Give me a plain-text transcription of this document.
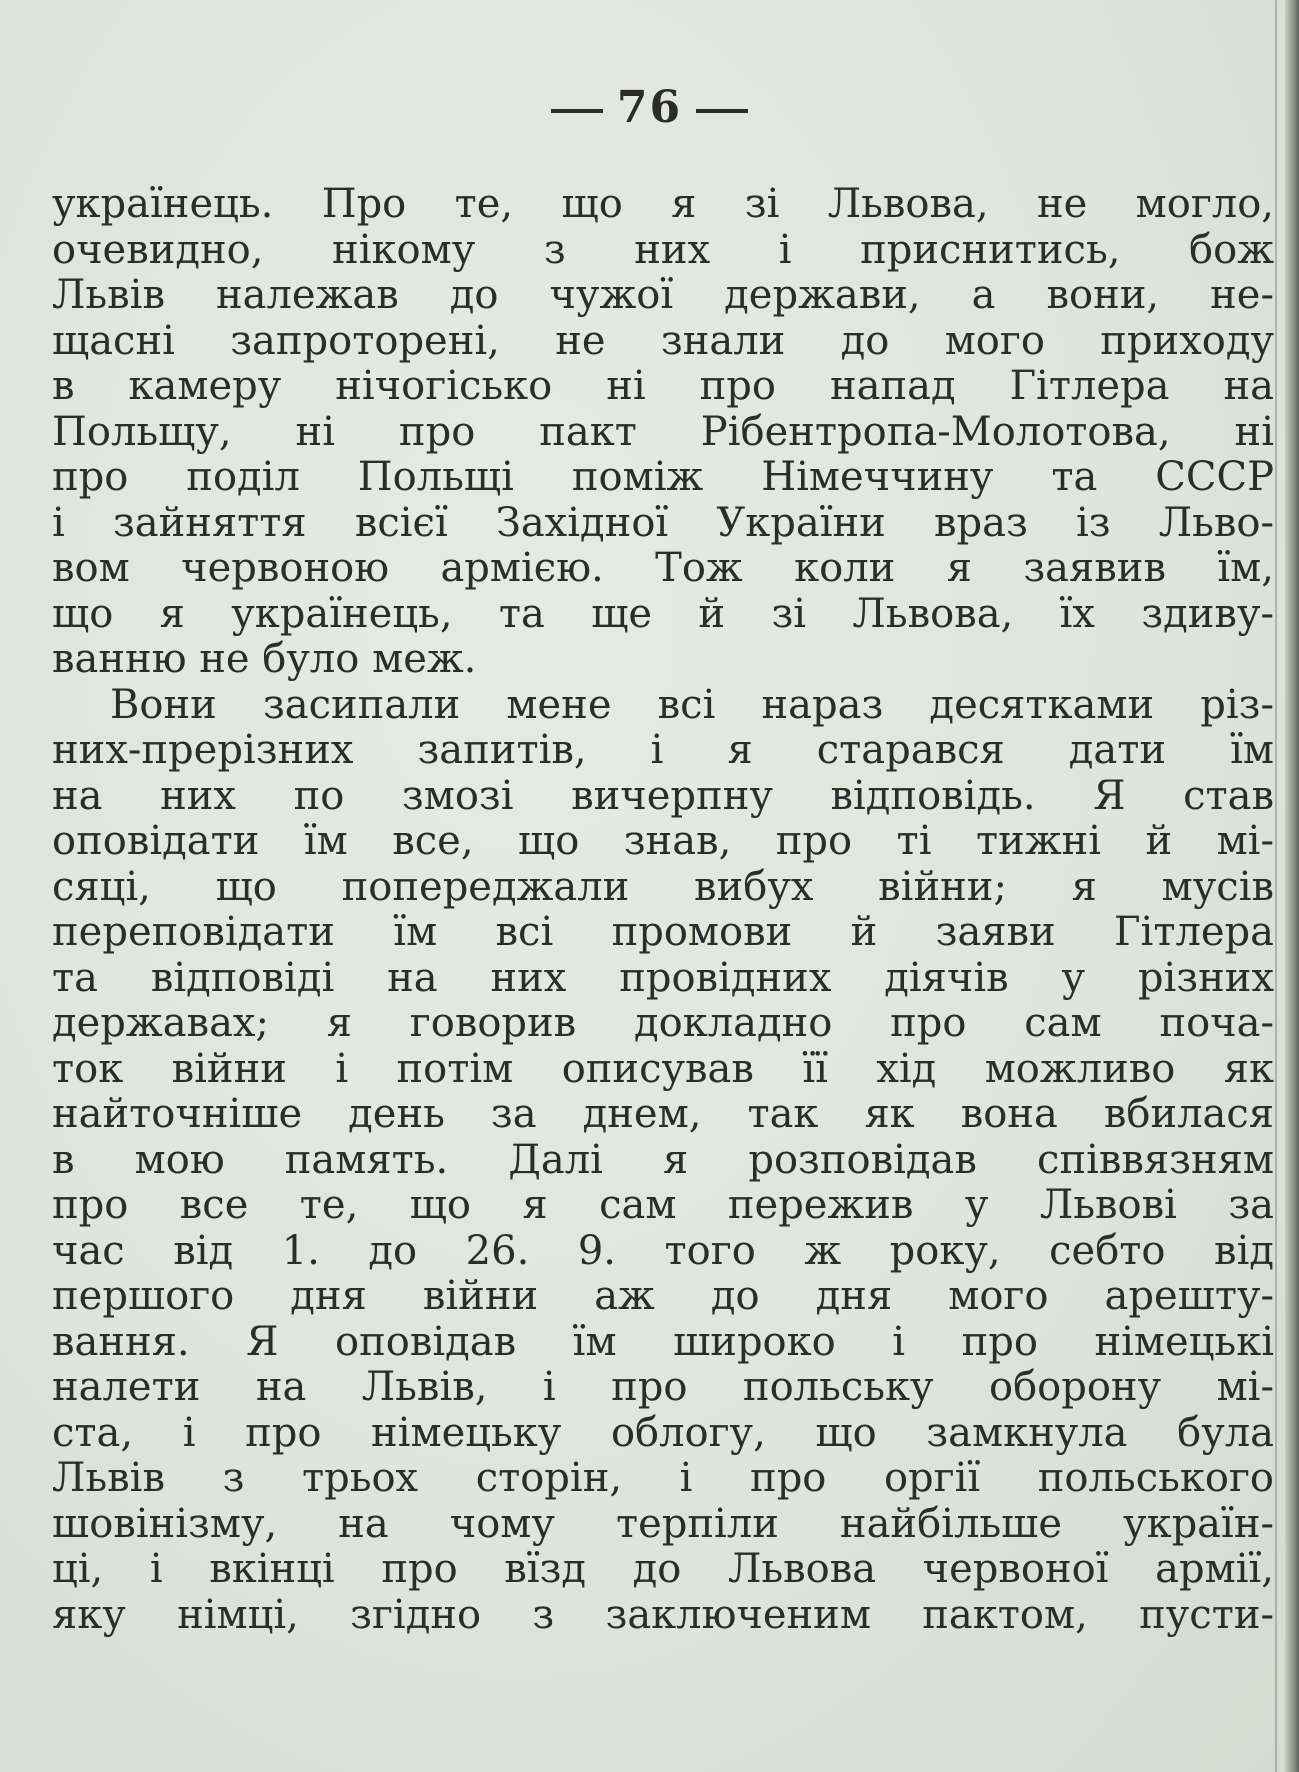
76
українець. Про те, що я зі Львова, не могло,
очевидно, нікому з них і приснитись, бож
Львів належав до чужої держави, а вони, не-
щасні запроторені, не знали до мого приходу
в камеру нічогісько ні про напад Гітлера на
Польщу, ні про пакт Рібентропа-Молотова, ні
про поділ Польщі поміж Німеччину та СССР
і зайняття всієї Західної України враз із Льво-
вом червоною армією. Тож коли я заявив їм,
що я українець, та ще й зі Львова, їх здиву-
ванню не було меж.
Вони засипали мене всі нараз десятками різ-
них-прерізних запитів, і я старався дати їм
на них по змозі вичерпну відповідь. Я став
оповідати їм все, що знав, про ті тижні й мі-
сяці, що попереджали вибух війни; я мусів
переповідати їм всі промови й заяви Гітлера
та відповіді на них провідних діячів у різних
державах; я говорив докладно про сам поча-
ток війни і потім описував її хід можливо як
найточніше день за днем, так як вона вбилася
в мою память. Далі я розповідав співвязням
про все те, що я сам пережив у Львові за
час від 1. до 26. 9. того ж року, себто від
першого дня війни аж до дня мого арешту-
вання. Я оповідав їм широко і про німецькі
налети на Львів, і про польську оборону мі-
ста, і про німецьку облогу, що замкнула була
Львів з трьох сторін, і про оргії польського
шовінізму, на чому терпіли найбільше україн-
ці, і вкінці про вїзд до Львова червоної армії,
яку німці, згідно з заключеним пактом, пусти-
